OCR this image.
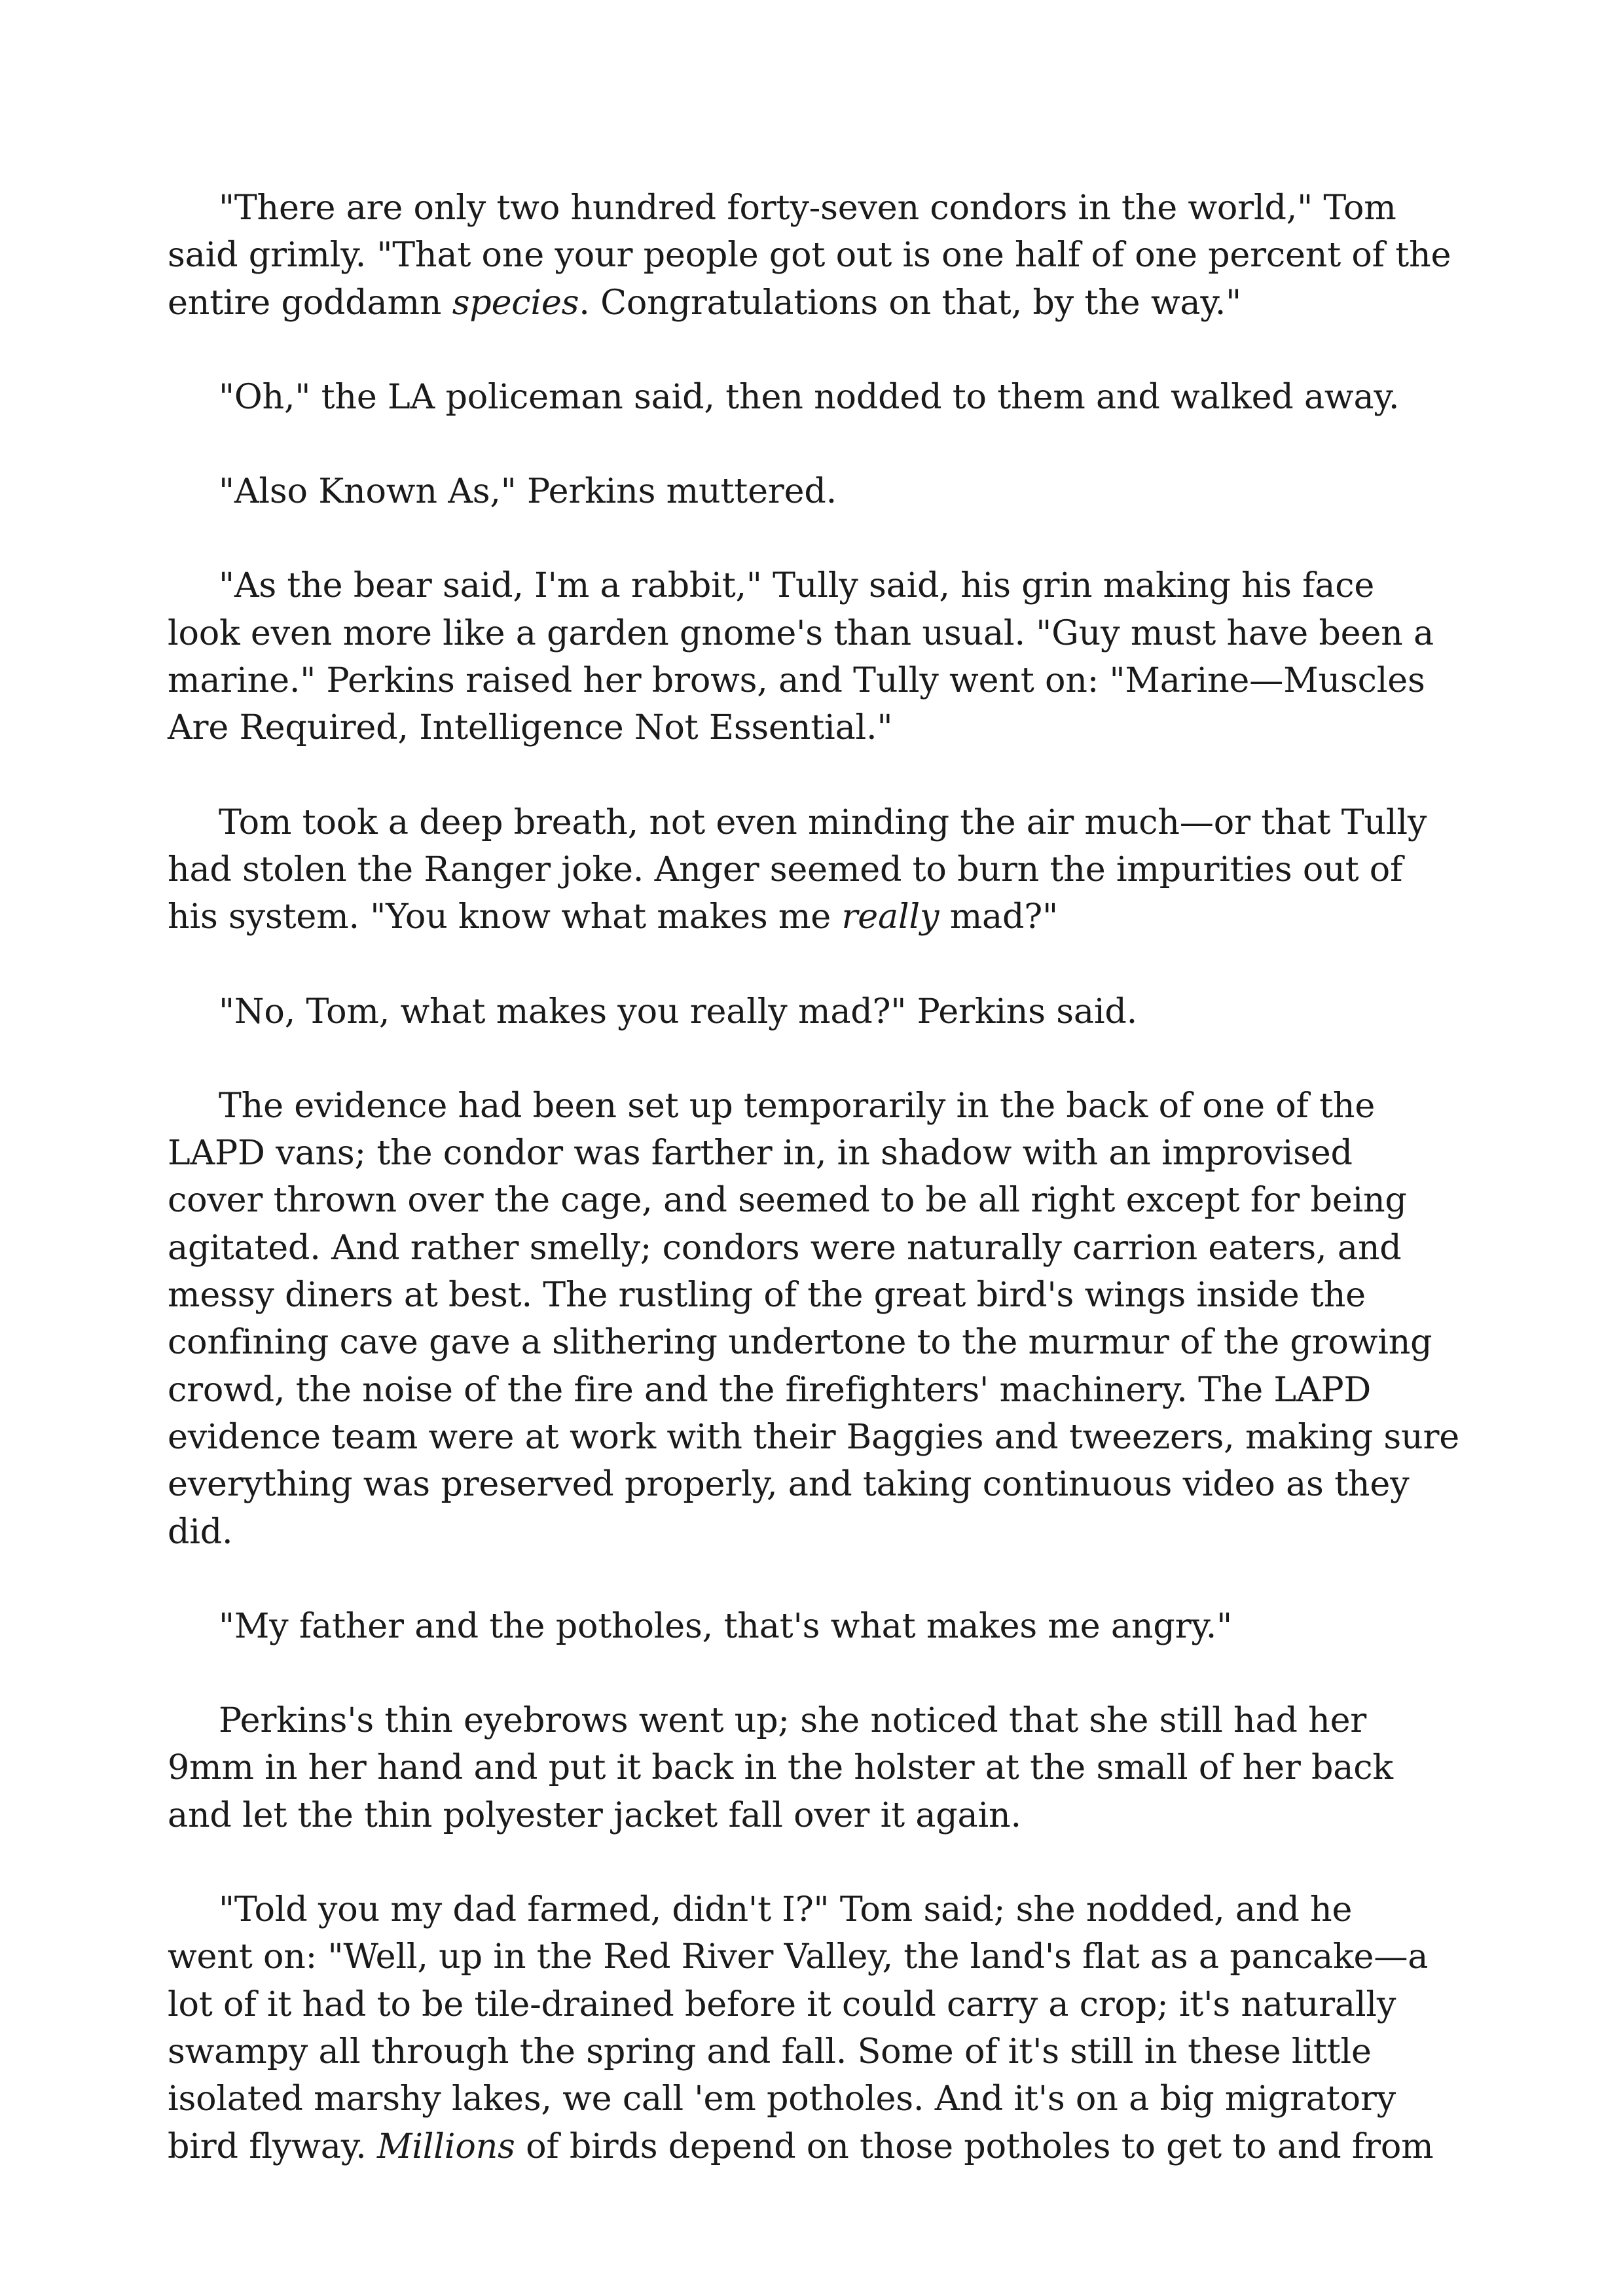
"There are only two hundred forty-seven condors in the world," Tom
said grimly. "That one your people got out is one half of one percent of the
entire goddamn species. Congratulations on that, by the way."

"Oh," the LA policeman said, then nodded to them and walked away.

"Also Known As," Perkins muttered.

"As the bear said, I'm a rabbit," Tully said, his grin making his face
look even more like a garden gnome's than usual. "Guy must have been a
marine." Perkins raised her brows, and Tully went on: "Marine—Muscles
Are Required, Intelligence Not Essential."

Tom took a deep breath, not even minding the air much—or that Tully
had stolen the Ranger joke. Anger seemed to burn the impurities out of
his system. "You know what makes me really mad?"

"No, Tom, what makes you really mad?" Perkins said.

The evidence had been set up temporarily in the back of one of the
LAPD vans; the condor was farther in, in shadow with an improvised
cover thrown over the cage, and seemed to be all right except for being
agitated. And rather smelly; condors were naturally carrion eaters, and
messy diners at best. The rustling of the great bird's wings inside the
confining cave gave a slithering undertone to the murmur of the growing
crowd, the noise of the fire and the firefighters' machinery. The LAPD
evidence team were at work with their Baggies and tweezers, making sure
everything was preserved properly, and taking continuous video as they
did.

"My father and the potholes, that's what makes me angry."

Perkins's thin eyebrows went up; she noticed that she still had her
9mm in her hand and put it back in the holster at the small of her back
and let the thin polyester jacket fall over it again.

"Told you my dad farmed, didn't I?" Tom said; she nodded, and he
went on: "Well, up in the Red River Valley, the land's flat as a pancake—a
lot of it had to be tile-drained before it could carry a crop; it's naturally
swampy all through the spring and fall. Some of it's still in these little
isolated marshy lakes, we call 'em potholes. And it's on a big migratory
bird flyway. Millions of birds depend on those potholes to get to and from
